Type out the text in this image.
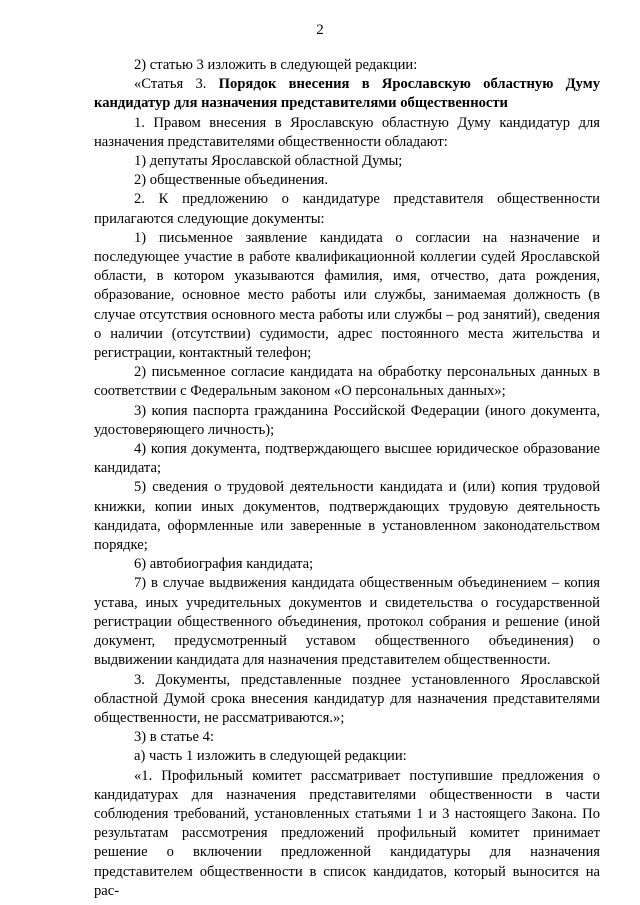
2

2) статью 3 изложить в следующей редакции:

«Статья 3. Порядок внесения в Ярославскую областную Думу кандидатур для назначения представителями общественности

1. Правом внесения в Ярославскую областную Думу кандидатур для назначения представителями общественности обладают:

1) депутаты Ярославской областной Думы;

2) общественные объединения.

2. К предложению о кандидатуре представителя общественности прилагаются следующие документы:

1) письменное заявление кандидата о согласии на назначение и последующее участие в работе квалификационной коллегии судей Ярославской области, в котором указываются фамилия, имя, отчество, дата рождения, образование, основное место работы или службы, занимаемая должность (в случае отсутствия основного места работы или службы – род занятий), сведения о наличии (отсутствии) судимости, адрес постоянного места жительства и регистрации, контактный телефон;

2) письменное согласие кандидата на обработку персональных данных в соответствии с Федеральным законом «О персональных данных»;

3) копия паспорта гражданина Российской Федерации (иного документа, удостоверяющего личность);

4) копия документа, подтверждающего высшее юридическое образование кандидата;

5) сведения о трудовой деятельности кандидата и (или) копия трудовой книжки, копии иных документов, подтверждающих трудовую деятельность кандидата, оформленные или заверенные в установленном законодательством порядке;

6) автобиография кандидата;

7) в случае выдвижения кандидата общественным объединением – копия устава, иных учредительных документов и свидетельства о государственной регистрации общественного объединения, протокол собрания и решение (иной документ, предусмотренный уставом общественного объединения) о выдвижении кандидата для назначения представителем общественности.

3. Документы, представленные позднее установленного Ярославской областной Думой срока внесения кандидатур для назначения представителями общественности, не рассматриваются.»;

3) в статье 4:

а) часть 1 изложить в следующей редакции:

«1. Профильный комитет рассматривает поступившие предложения о кандидатурах для назначения представителями общественности в части соблюдения требований, установленных статьями 1 и 3 настоящего Закона. По результатам рассмотрения предложений профильный комитет принимает решение о включении предложенной кандидатуры для назначения представителем общественности в список кандидатов, который выносится на рас-
